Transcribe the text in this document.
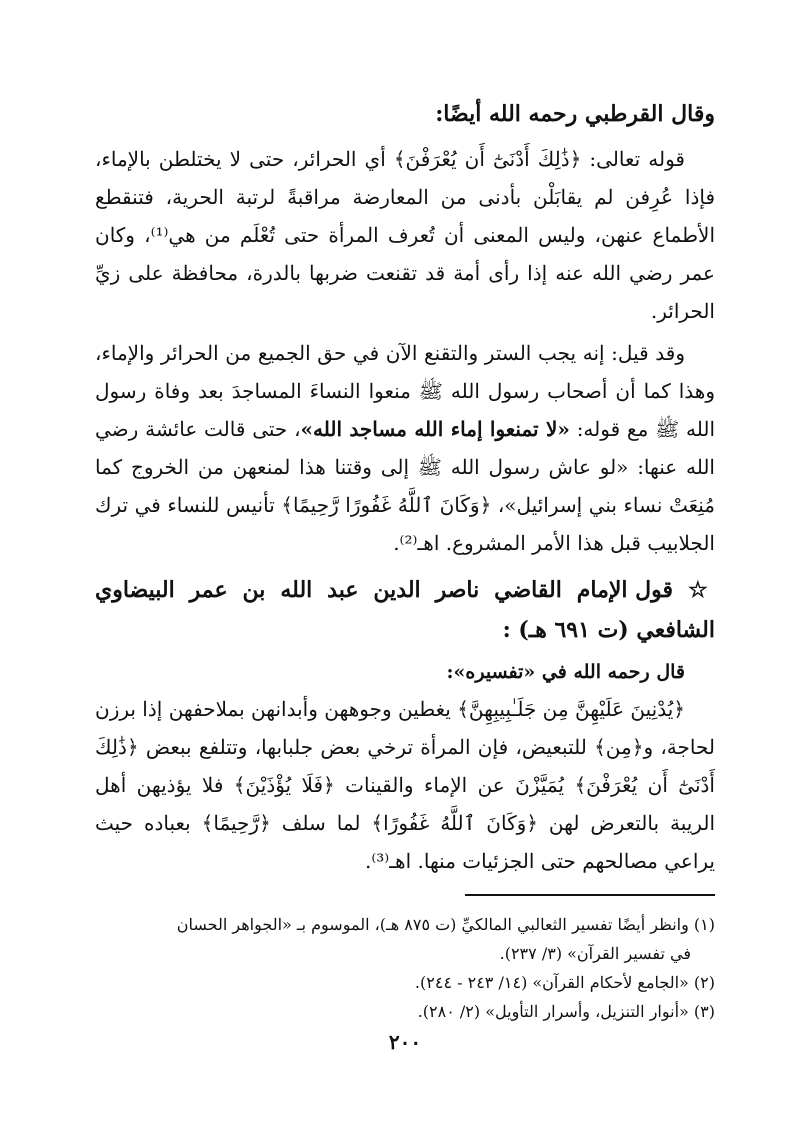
وقال القرطبي رحمه الله أيضًا:

قوله تعالى: ﴿ذَٰلِكَ أَدْنَىٰٓ أَن يُعْرَفْنَ﴾ أي الحرائر، حتى لا يختلطن بالإماء، فإذا عُرِفن لم يقابَلْن بأدنى من المعارضة مراقبةً لرتبة الحرية، فتنقطع الأطماع عنهن، وليس المعنى أن تُعرف المرأة حتى تُعْلَم من هي⁽¹⁾، وكان عمر رضي الله عنه إذا رأى أمة قد تقنعت ضربها بالدرة، محافظة على زيِّ الحرائر.

وقد قيل: إنه يجب الستر والتقنع الآن في حق الجميع من الحرائر والإماء، وهذا كما أن أصحاب رسول الله ﷺ منعوا النساءَ المساجدَ بعد وفاة رسول الله ﷺ مع قوله: «لا تمنعوا إماء الله مساجد الله»، حتى قالت عائشة رضي الله عنها: «لو عاش رسول الله ﷺ إلى وقتنا هذا لمنعهن من الخروج كما مُنِعَتْ نساء بني إسرائيل»، ﴿وَكَانَ ٱللَّهُ غَفُورًا رَّحِيمًا﴾ تأنيس للنساء في ترك الجلابيب قبل هذا الأمر المشروع. اهـ⁽²⁾.

☆ قول الإمام القاضي ناصر الدين عبد الله بن عمر البيضاوي الشافعي (ت ٦٩١ هـ) :
قال رحمه الله في «تفسيره»:

﴿يُدْنِينَ عَلَيْهِنَّ مِن جَلَـٰبِيبِهِنَّ﴾ يغطين وجوههن وأبدانهن بملاحفهن إذا برزن لحاجة، و﴿مِن﴾ للتبعيض، فإن المرأة ترخي بعض جلبابها، وتتلفع ببعض ﴿ذَٰلِكَ أَدْنَىٰٓ أَن يُعْرَفْنَ﴾ يُمَيَّزْنَ عن الإماء والقينات ﴿فَلَا يُؤْذَيْنَ﴾ فلا يؤذيهن أهل الريبة بالتعرض لهن ﴿وَكَانَ ٱللَّهُ غَفُورًا﴾ لما سلف ﴿رَّحِيمًا﴾ بعباده حيث يراعي مصالحهم حتى الجزئيات منها. اهـ⁽³⁾.

(١) وانظر أيضًا تفسير الثعالبي المالكيِّ (ت ٨٧٥ هـ)، الموسوم بـ «الجواهر الحسان

في تفسير القرآن» (٣/ ٢٣٧).

(٢) «الجامع لأحكام القرآن» (١٤/ ٢٤٣ - ٢٤٤).

(٣) «أنوار التنزيل، وأسرار التأويل» (٢/ ٢٨٠).

٢٠٠
